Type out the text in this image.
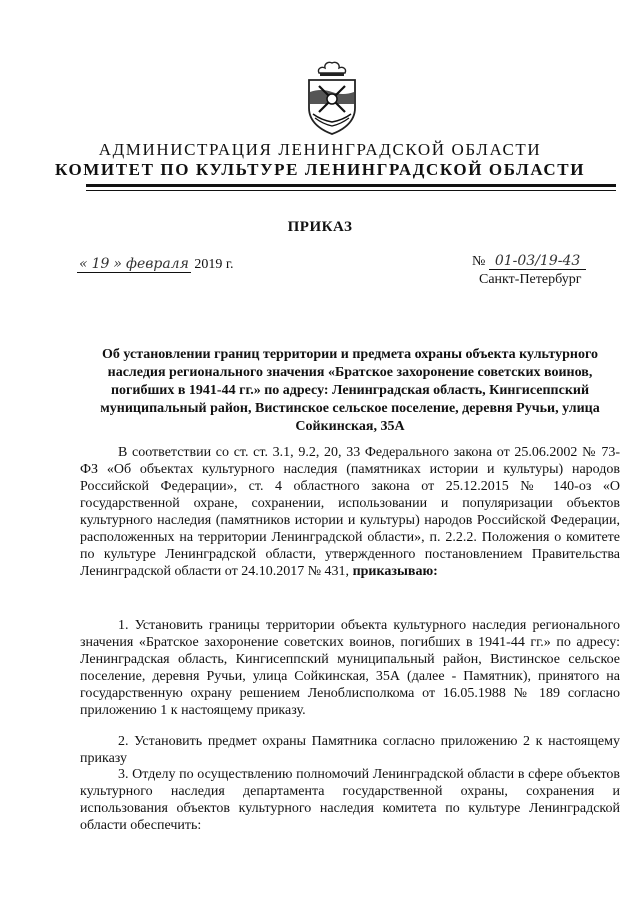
АДМИНИСТРАЦИЯ ЛЕНИНГРАДСКОЙ ОБЛАСТИ
КОМИТЕТ ПО КУЛЬТУРЕ ЛЕНИНГРАДСКОЙ ОБЛАСТИ
ПРИКАЗ
« 19 » февраля 2019 г.	№ 01-03/19-43
Санкт-Петербург
Об установлении границ территории и предмета охраны объекта культурного наследия регионального значения «Братское захоронение советских воинов, погибших в 1941-44 гг.» по адресу: Ленинградская область, Кингисеппский муниципальный район, Вистинское сельское поселение, деревня Ручьи, улица Сойкинская, 35А

В соответствии со ст. ст. 3.1, 9.2, 20, 33 Федерального закона от 25.06.2002 № 73-ФЗ «Об объектах культурного наследия (памятниках истории и культуры) народов Российской Федерации», ст. 4 областного закона от 25.12.2015 № 140-оз «О государственной охране, сохранении, использовании и популяризации объектов культурного наследия (памятников истории и культуры) народов Российской Федерации, расположенных на территории Ленинградской области», п. 2.2.2. Положения о комитете по культуре Ленинградской области, утвержденного постановлением Правительства Ленинградской области от 24.10.2017 № 431, приказываю:

1. Установить границы территории объекта культурного наследия регионального значения «Братское захоронение советских воинов, погибших в 1941-44 гг.» по адресу: Ленинградская область, Кингисеппский муниципальный район, Вистинское сельское поселение, деревня Ручьи, улица Сойкинская, 35А (далее - Памятник), принятого на государственную охрану решением Леноблисполкома от 16.05.1988 № 189 согласно приложению 1 к настоящему приказу.

2. Установить предмет охраны Памятника согласно приложению 2 к настоящему приказу

3. Отделу по осуществлению полномочий Ленинградской области в сфере объектов культурного наследия департамента государственной охраны, сохранения и использования объектов культурного наследия комитета по культуре Ленинградской области обеспечить:
